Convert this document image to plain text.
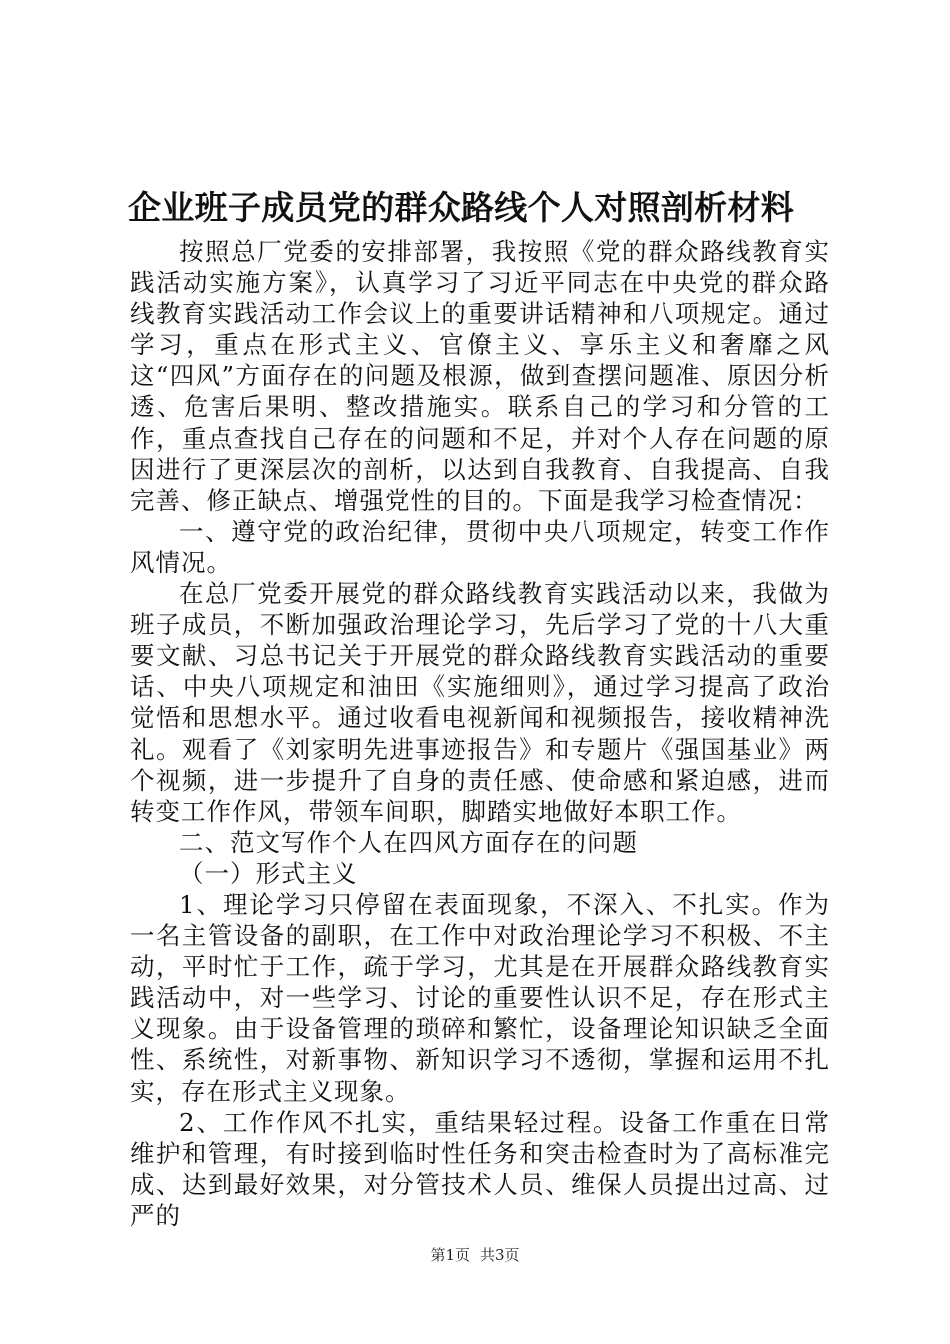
企业班子成员党的群众路线个人对照剖析材料

按照总厂党委的安排部署，我按照《党的群众路线教育实践活动实施方案》，认真学习了习近平同志在中央党的群众路线教育实践活动工作会议上的重要讲话精神和八项规定。通过学习，重点在形式主义、官僚主义、享乐主义和奢靡之风这“四风”方面存在的问题及根源，做到查摆问题准、原因分析透、危害后果明、整改措施实。联系自己的学习和分管的工作，重点查找自己存在的问题和不足，并对个人存在问题的原因进行了更深层次的剖析，以达到自我教育、自我提高、自我完善、修正缺点、增强党性的目的。下面是我学习检查情况：

一、遵守党的政治纪律，贯彻中央八项规定，转变工作作风情况。

在总厂党委开展党的群众路线教育实践活动以来，我做为班子成员，不断加强政治理论学习，先后学习了党的十八大重要文献、习总书记关于开展党的群众路线教育实践活动的重要话、中央八项规定和油田《实施细则》，通过学习提高了政治觉悟和思想水平。通过收看电视新闻和视频报告，接收精神洗礼。观看了《刘家明先进事迹报告》和专题片《强国基业》两个视频，进一步提升了自身的责任感、使命感和紧迫感，进而转变工作作风，带领车间职，脚踏实地做好本职工作。

二、范文写作个人在四风方面存在的问题

（一）形式主义

1、理论学习只停留在表面现象，不深入、不扎实。作为一名主管设备的副职，在工作中对政治理论学习不积极、不主动，平时忙于工作，疏于学习，尤其是在开展群众路线教育实践活动中，对一些学习、讨论的重要性认识不足，存在形式主义现象。由于设备管理的琐碎和繁忙，设备理论知识缺乏全面性、系统性，对新事物、新知识学习不透彻，掌握和运用不扎实，存在形式主义现象。

2、工作作风不扎实，重结果轻过程。设备工作重在日常维护和管理，有时接到临时性任务和突击检查时为了高标准完成、达到最好效果，对分管技术人员、维保人员提出过高、过严的

第1页 共3页
